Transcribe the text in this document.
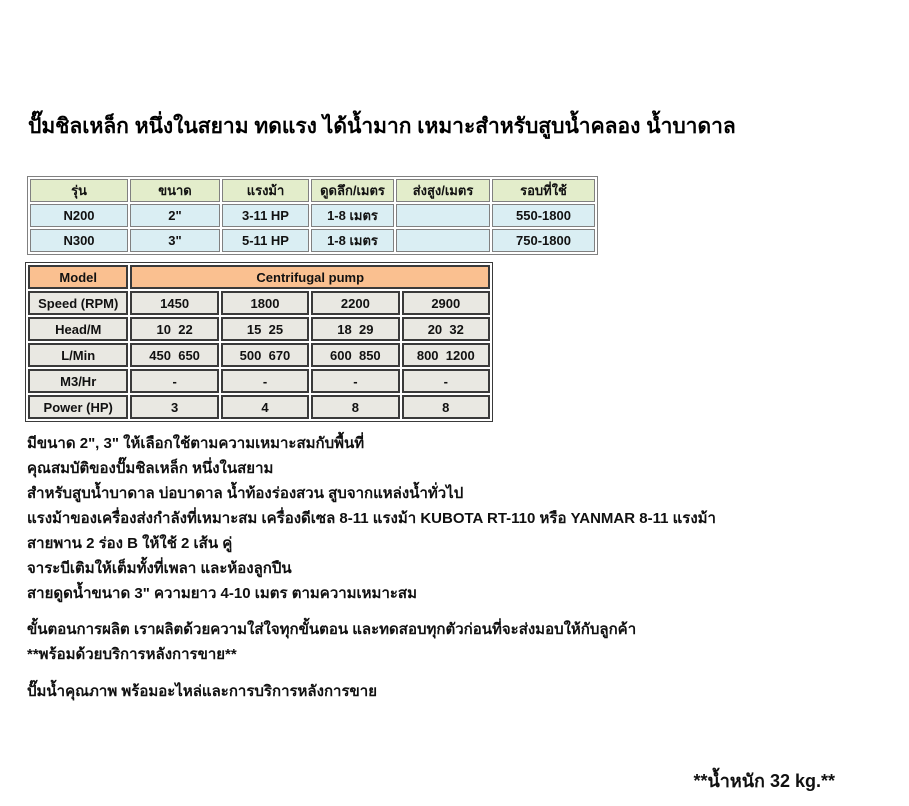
ปั๊มชิลเหล็ก หนึ่งในสยาม ทดแรง ได้น้ำมาก เหมาะสำหรับสูบน้ำคลอง น้ำบาดาล
รุ่น	ขนาด	แรงม้า	ดูดลึก/เมตร	ส่งสูง/เมตร	รอบที่ใช้
N200	2"	3-11 HP	1-8 เมตร		550-1800
N300	3"	5-11 HP	1-8 เมตร		750-1800
Model	Centrifugal pump			
Speed (RPM)	1450	1800	2200	2900
Head/M	10  22	15  25	18  29	20  32
L/Min	450  650	500  670	600  850	800  1200
M3/Hr	-	-	-	-
Power (HP)	3	4	8	8
มีขนาด 2", 3" ให้เลือกใช้ตามความเหมาะสมกับพื้นที่
คุณสมบัติของปั๊มชิลเหล็ก หนึ่งในสยาม
สำหรับสูบน้ำบาดาล บ่อบาดาล น้ำท้องร่องสวน สูบจากแหล่งน้ำทั่วไป
แรงม้าของเครื่องส่งกำลังที่เหมาะสม เครื่องดีเซล 8-11 แรงม้า KUBOTA RT-110 หรือ YANMAR 8-11 แรงม้า
สายพาน 2 ร่อง B ให้ใช้ 2 เส้น คู่
จาระบีเติมให้เต็มทั้งที่เพลา และห้องลูกปืน
สายดูดน้ำขนาด 3" ความยาว 4-10 เมตร ตามความเหมาะสม
ขั้นตอนการผลิต เราผลิตด้วยความใส่ใจทุกขั้นตอน และทดสอบทุกตัวก่อนที่จะส่งมอบให้กับลูกค้า
**พร้อมด้วยบริการหลังการขาย**
ปั๊มน้ำคุณภาพ พร้อมอะไหล่และการบริการหลังการขาย
**น้ำหนัก 32 kg.**
